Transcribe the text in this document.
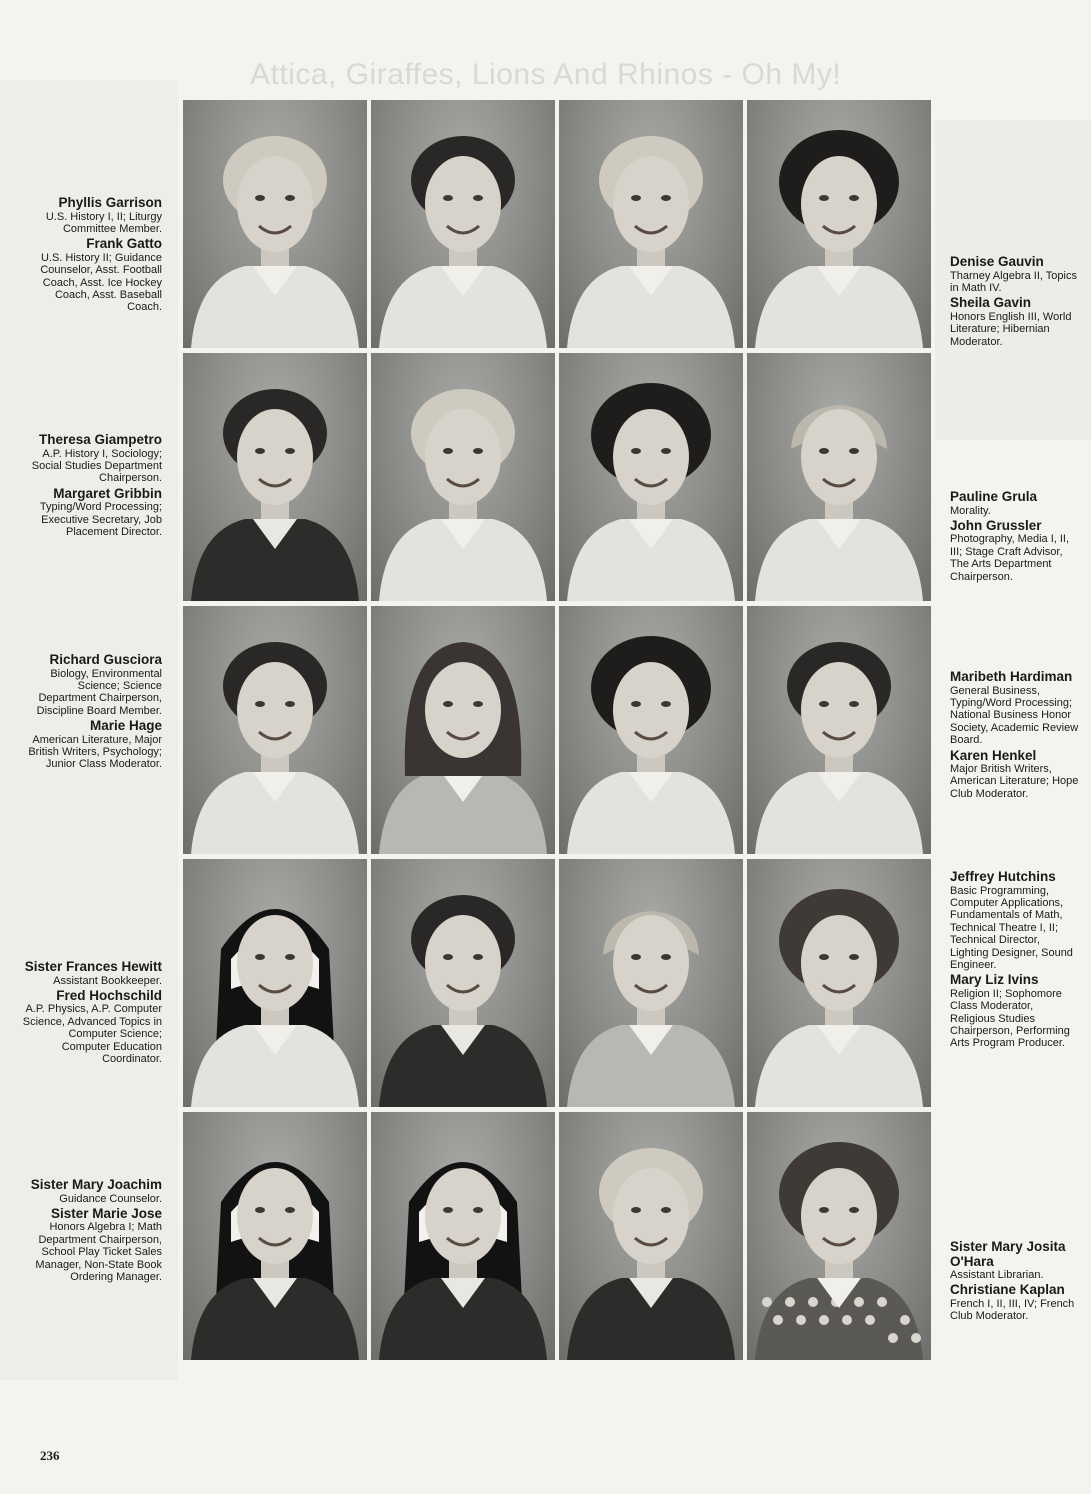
Attica, Giraffes, Lions And Rhinos - Oh My!
Phyllis Garrison
U.S. History I, II; Liturgy Committee Member.
Frank Gatto
U.S. History II; Guidance Counselor, Asst. Football Coach, Asst. Ice Hockey Coach, Asst. Baseball Coach.
Theresa Giampetro
A.P. History I, Sociology; Social Studies Department Chairperson.
Margaret Gribbin
Typing/Word Processing; Executive Secretary, Job Placement Director.
Richard Gusciora
Biology, Environmental Science; Science Department Chairperson, Discipline Board Member.
Marie Hage
American Literature, Major British Writers, Psychology; Junior Class Moderator.
Sister Frances Hewitt
Assistant Bookkeeper.
Fred Hochschild
A.P. Physics, A.P. Computer Science, Advanced Topics in Computer Science; Computer Education Coordinator.
Sister Mary Joachim
Guidance Counselor.
Sister Marie Jose
Honors Algebra I; Math Department Chairperson, School Play Ticket Sales Manager, Non-State Book Ordering Manager.
Denise Gauvin
Tharney Algebra II, Topics in Math IV.
Sheila Gavin
Honors English III, World Literature; Hibernian Moderator.
Pauline Grula
Morality.
John Grussler
Photography, Media I, II, III; Stage Craft Advisor, The Arts Department Chairperson.
Maribeth Hardiman
General Business, Typing/Word Processing; National Business Honor Society, Academic Review Board.
Karen Henkel
Major British Writers, American Literature; Hope Club Moderator.
Jeffrey Hutchins
Basic Programming, Computer Applications, Fundamentals of Math, Technical Theatre I, II; Technical Director, Lighting Designer, Sound Engineer.
Mary Liz Ivins
Religion II; Sophomore Class Moderator, Religious Studies Chairperson, Performing Arts Program Producer.
Sister Mary Josita O'Hara
Assistant Librarian.
Christiane Kaplan
French I, II, III, IV; French Club Moderator.
236
